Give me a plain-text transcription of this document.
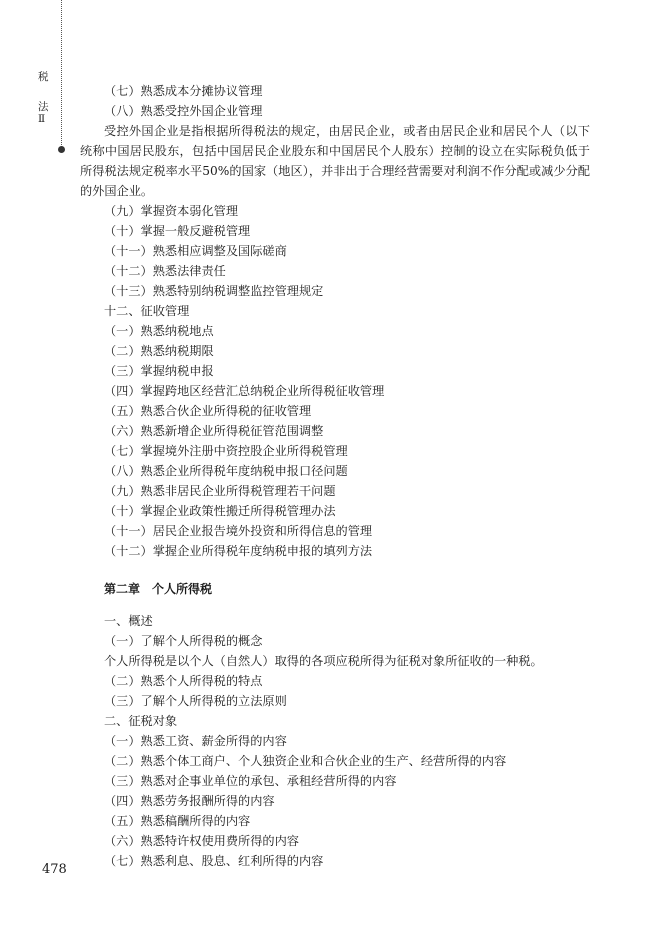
税
法
Ⅱ
（七）熟悉成本分摊协议管理
（八）熟悉受控外国企业管理
受控外国企业是指根据所得税法的规定，由居民企业，或者由居民企业和居民个人（以下统称中国居民股东，包括中国居民企业股东和中国居民个人股东）控制的设立在实际税负低于所得税法规定税率水平50%的国家（地区），并非出于合理经营需要对利润不作分配或减少分配的外国企业。
（九）掌握资本弱化管理
（十）掌握一般反避税管理
（十一）熟悉相应调整及国际磋商
（十二）熟悉法律责任
（十三）熟悉特别纳税调整监控管理规定
十二、征收管理
（一）熟悉纳税地点
（二）熟悉纳税期限
（三）掌握纳税申报
（四）掌握跨地区经营汇总纳税企业所得税征收管理
（五）熟悉合伙企业所得税的征收管理
（六）熟悉新增企业所得税征管范围调整
（七）掌握境外注册中资控股企业所得税管理
（八）熟悉企业所得税年度纳税申报口径问题
（九）熟悉非居民企业所得税管理若干问题
（十）掌握企业政策性搬迁所得税管理办法
（十一）居民企业报告境外投资和所得信息的管理
（十二）掌握企业所得税年度纳税申报的填列方法
第二章　个人所得税
一、概述
（一）了解个人所得税的概念
个人所得税是以个人（自然人）取得的各项应税所得为征税对象所征收的一种税。
（二）熟悉个人所得税的特点
（三）了解个人所得税的立法原则
二、征税对象
（一）熟悉工资、薪金所得的内容
（二）熟悉个体工商户、个人独资企业和合伙企业的生产、经营所得的内容
（三）熟悉对企事业单位的承包、承租经营所得的内容
（四）熟悉劳务报酬所得的内容
（五）熟悉稿酬所得的内容
（六）熟悉特许权使用费所得的内容
（七）熟悉利息、股息、红利所得的内容
478
